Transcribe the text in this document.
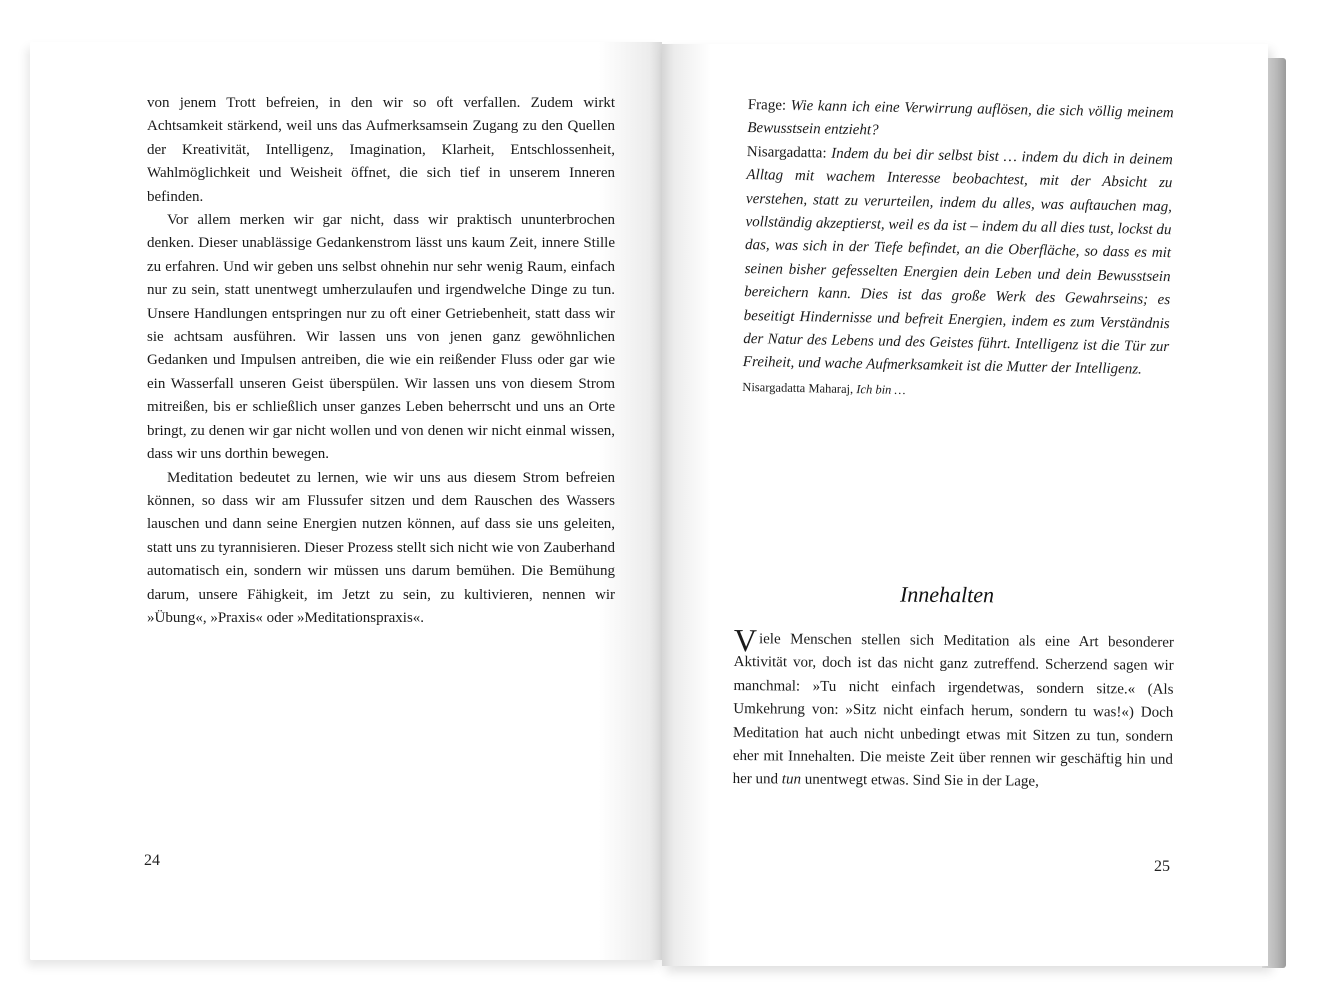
von jenem Trott befreien, in den wir so oft verfallen. Zudem wirkt Achtsamkeit stärkend, weil uns das Aufmerksamsein Zugang zu den Quellen der Kreativität, Intelligenz, Imagination, Klarheit, Entschlossenheit, Wahlmöglichkeit und Weisheit öffnet, die sich tief in unserem Inneren befinden.

Vor allem merken wir gar nicht, dass wir praktisch ununterbrochen denken. Dieser unablässige Gedankenstrom lässt uns kaum Zeit, innere Stille zu erfahren. Und wir geben uns selbst ohnehin nur sehr wenig Raum, einfach nur zu sein, statt unentwegt umherzulaufen und irgendwelche Dinge zu tun. Unsere Handlungen entspringen nur zu oft einer Getriebenheit, statt dass wir sie achtsam ausführen. Wir lassen uns von jenen ganz gewöhnlichen Gedanken und Impulsen antreiben, die wie ein reißender Fluss oder gar wie ein Wasserfall unseren Geist überspülen. Wir lassen uns von diesem Strom mitreißen, bis er schließlich unser ganzes Leben beherrscht und uns an Orte bringt, zu denen wir gar nicht wollen und von denen wir nicht einmal wissen, dass wir uns dorthin bewegen.

Meditation bedeutet zu lernen, wie wir uns aus diesem Strom befreien können, so dass wir am Flussufer sitzen und dem Rauschen des Wassers lauschen und dann seine Energien nutzen können, auf dass sie uns geleiten, statt uns zu tyrannisieren. Dieser Prozess stellt sich nicht wie von Zauberhand automatisch ein, sondern wir müssen uns darum bemühen. Die Bemühung darum, unsere Fähigkeit, im Jetzt zu sein, zu kultivieren, nennen wir »Übung«, »Praxis« oder »Meditationspraxis«.

24

Frage: Wie kann ich eine Verwirrung auflösen, die sich völlig meinem Bewusstsein entzieht?

Nisargadatta: Indem du bei dir selbst bist … indem du dich in deinem Alltag mit wachem Interesse beobachtest, mit der Absicht zu verstehen, statt zu verurteilen, indem du alles, was auftauchen mag, vollständig akzeptierst, weil es da ist – indem du all dies tust, lockst du das, was sich in der Tiefe befindet, an die Oberfläche, so dass es mit seinen bisher gefesselten Energien dein Leben und dein Bewusstsein bereichern kann. Dies ist das große Werk des Gewahrseins; es beseitigt Hindernisse und befreit Energien, indem es zum Verständnis der Natur des Lebens und des Geistes führt. Intelligenz ist die Tür zur Freiheit, und wache Aufmerksamkeit ist die Mutter der Intelligenz.

Nisargadatta Maharaj, Ich bin …

Innehalten

Viele Menschen stellen sich Meditation als eine Art besonderer Aktivität vor, doch ist das nicht ganz zutreffend. Scherzend sagen wir manchmal: »Tu nicht einfach irgendetwas, sondern sitze.« (Als Umkehrung von: »Sitz nicht einfach herum, sondern tu was!«) Doch Meditation hat auch nicht unbedingt etwas mit Sitzen zu tun, sondern eher mit Innehalten. Die meiste Zeit über rennen wir geschäftig hin und her und tun unentwegt etwas. Sind Sie in der Lage,

25
